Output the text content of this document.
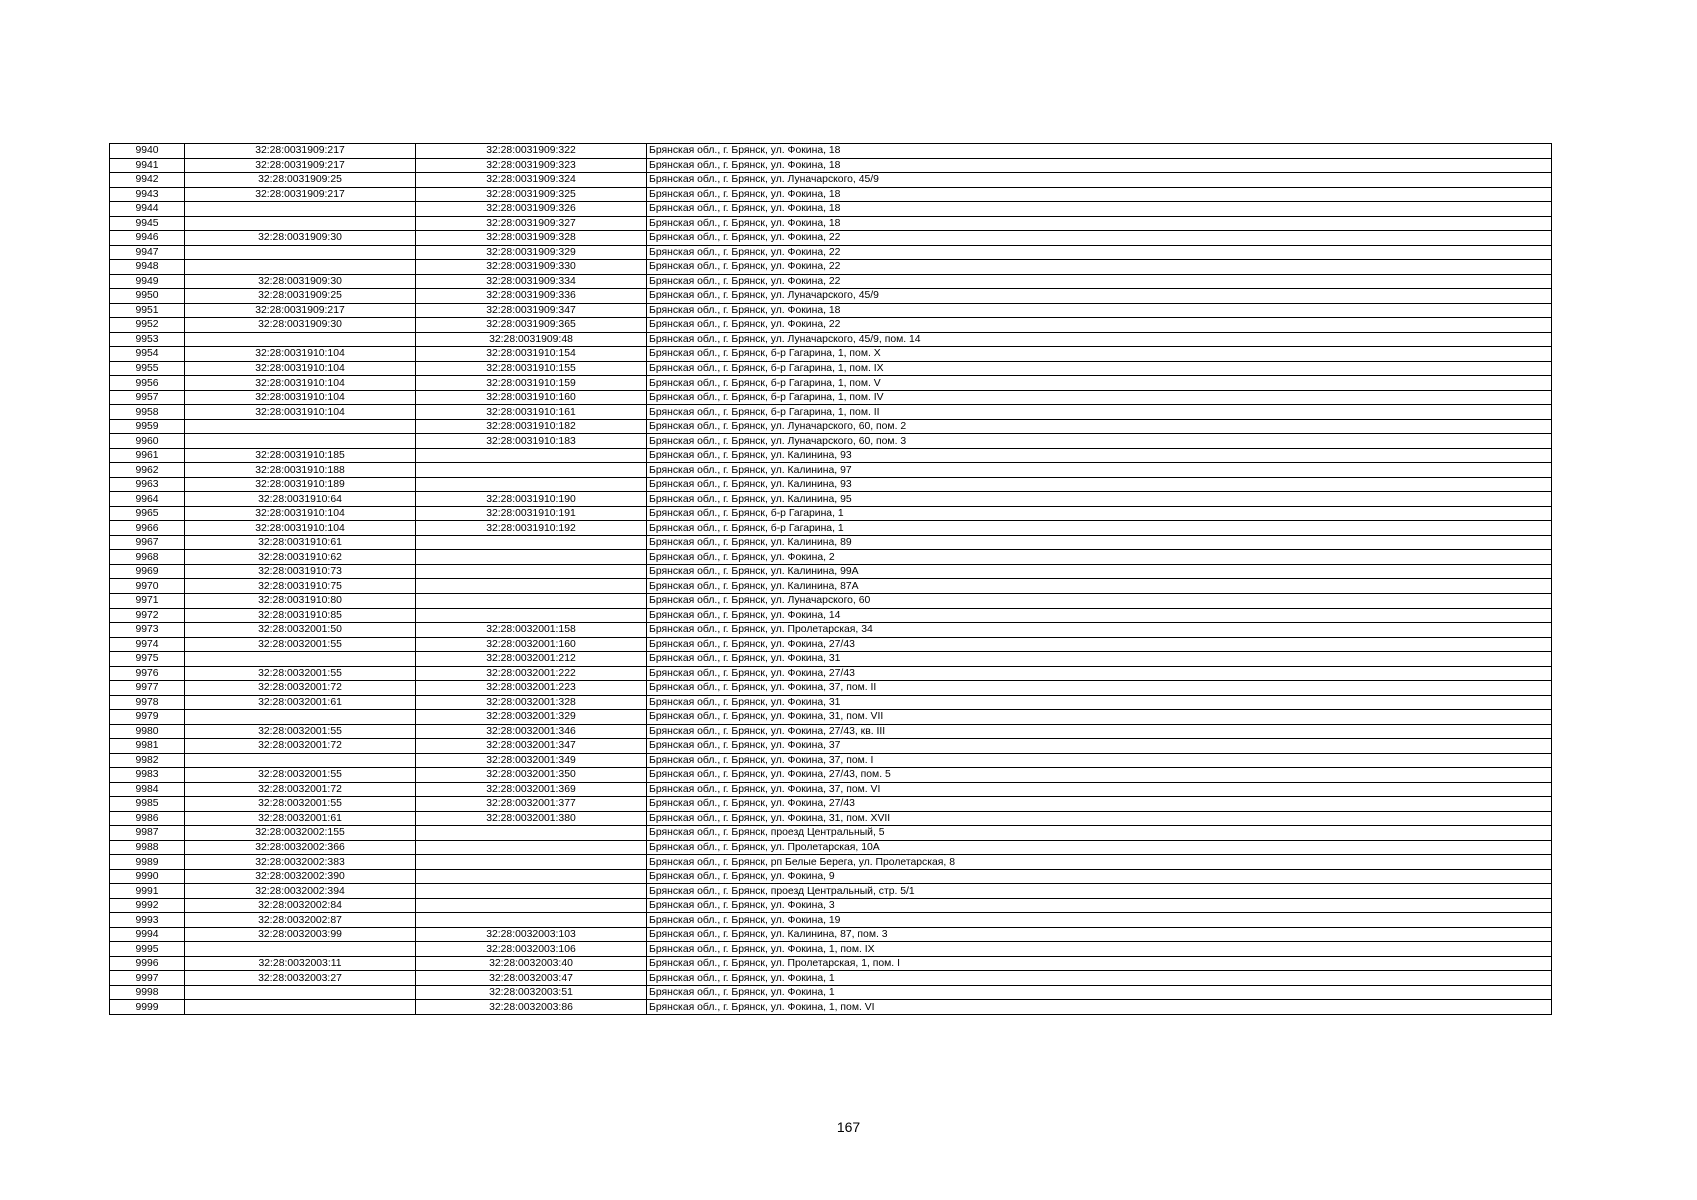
9940	32:28:0031909:217	32:28:0031909:322	Брянская обл., г. Брянск, ул. Фокина, 18
9941	32:28:0031909:217	32:28:0031909:323	Брянская обл., г. Брянск, ул. Фокина, 18
9942	32:28:0031909:25	32:28:0031909:324	Брянская обл., г. Брянск, ул. Луначарского, 45/9
9943	32:28:0031909:217	32:28:0031909:325	Брянская обл., г. Брянск, ул. Фокина, 18
9944		32:28:0031909:326	Брянская обл., г. Брянск, ул. Фокина, 18
9945		32:28:0031909:327	Брянская обл., г. Брянск, ул. Фокина, 18
9946	32:28:0031909:30	32:28:0031909:328	Брянская обл., г. Брянск, ул. Фокина, 22
9947		32:28:0031909:329	Брянская обл., г. Брянск, ул. Фокина, 22
9948		32:28:0031909:330	Брянская обл., г. Брянск, ул. Фокина, 22
9949	32:28:0031909:30	32:28:0031909:334	Брянская обл., г. Брянск, ул. Фокина, 22
9950	32:28:0031909:25	32:28:0031909:336	Брянская обл., г. Брянск, ул. Луначарского, 45/9
9951	32:28:0031909:217	32:28:0031909:347	Брянская обл., г. Брянск, ул. Фокина, 18
9952	32:28:0031909:30	32:28:0031909:365	Брянская обл., г. Брянск, ул. Фокина, 22
9953		32:28:0031909:48	Брянская обл., г. Брянск, ул. Луначарского, 45/9, пом. 14
9954	32:28:0031910:104	32:28:0031910:154	Брянская обл., г. Брянск, б-р Гагарина, 1, пом. X
9955	32:28:0031910:104	32:28:0031910:155	Брянская обл., г. Брянск, б-р Гагарина, 1, пом. IX
9956	32:28:0031910:104	32:28:0031910:159	Брянская обл., г. Брянск, б-р Гагарина, 1, пом. V
9957	32:28:0031910:104	32:28:0031910:160	Брянская обл., г. Брянск, б-р Гагарина, 1, пом. IV
9958	32:28:0031910:104	32:28:0031910:161	Брянская обл., г. Брянск, б-р Гагарина, 1, пом. II
9959		32:28:0031910:182	Брянская обл., г. Брянск, ул. Луначарского, 60, пом. 2
9960		32:28:0031910:183	Брянская обл., г. Брянск, ул. Луначарского, 60, пом. 3
9961	32:28:0031910:185		Брянская обл., г. Брянск, ул. Калинина, 93
9962	32:28:0031910:188		Брянская обл., г. Брянск, ул. Калинина, 97
9963	32:28:0031910:189		Брянская обл., г. Брянск, ул. Калинина, 93
9964	32:28:0031910:64	32:28:0031910:190	Брянская обл., г. Брянск, ул. Калинина, 95
9965	32:28:0031910:104	32:28:0031910:191	Брянская обл., г. Брянск, б-р Гагарина, 1
9966	32:28:0031910:104	32:28:0031910:192	Брянская обл., г. Брянск, б-р Гагарина, 1
9967	32:28:0031910:61		Брянская обл., г. Брянск, ул. Калинина, 89
9968	32:28:0031910:62		Брянская обл., г. Брянск, ул. Фокина, 2
9969	32:28:0031910:73		Брянская обл., г. Брянск, ул. Калинина, 99А
9970	32:28:0031910:75		Брянская обл., г. Брянск, ул. Калинина, 87А
9971	32:28:0031910:80		Брянская обл., г. Брянск, ул. Луначарского, 60
9972	32:28:0031910:85		Брянская обл., г. Брянск, ул. Фокина, 14
9973	32:28:0032001:50	32:28:0032001:158	Брянская обл., г. Брянск, ул. Пролетарская, 34
9974	32:28:0032001:55	32:28:0032001:160	Брянская обл., г. Брянск, ул. Фокина, 27/43
9975		32:28:0032001:212	Брянская обл., г. Брянск, ул. Фокина, 31
9976	32:28:0032001:55	32:28:0032001:222	Брянская обл., г. Брянск, ул. Фокина, 27/43
9977	32:28:0032001:72	32:28:0032001:223	Брянская обл., г. Брянск, ул. Фокина, 37, пом. II
9978	32:28:0032001:61	32:28:0032001:328	Брянская обл., г. Брянск, ул. Фокина, 31
9979		32:28:0032001:329	Брянская обл., г. Брянск, ул. Фокина, 31, пом. VII
9980	32:28:0032001:55	32:28:0032001:346	Брянская обл., г. Брянск, ул. Фокина, 27/43, кв. III
9981	32:28:0032001:72	32:28:0032001:347	Брянская обл., г. Брянск, ул. Фокина, 37
9982		32:28:0032001:349	Брянская обл., г. Брянск, ул. Фокина, 37, пом. I
9983	32:28:0032001:55	32:28:0032001:350	Брянская обл., г. Брянск, ул. Фокина, 27/43, пом. 5
9984	32:28:0032001:72	32:28:0032001:369	Брянская обл., г. Брянск, ул. Фокина, 37, пом. VI
9985	32:28:0032001:55	32:28:0032001:377	Брянская обл., г. Брянск, ул. Фокина, 27/43
9986	32:28:0032001:61	32:28:0032001:380	Брянская обл., г. Брянск, ул. Фокина, 31, пом. XVII
9987	32:28:0032002:155		Брянская обл., г. Брянск, проезд Центральный, 5
9988	32:28:0032002:366		Брянская обл., г. Брянск, ул. Пролетарская, 10А
9989	32:28:0032002:383		Брянская обл., г. Брянск, рп Белые Берега, ул. Пролетарская, 8
9990	32:28:0032002:390		Брянская обл., г. Брянск, ул. Фокина, 9
9991	32:28:0032002:394		Брянская обл., г. Брянск, проезд Центральный, стр. 5/1
9992	32:28:0032002:84		Брянская обл., г. Брянск, ул. Фокина, 3
9993	32:28:0032002:87		Брянская обл., г. Брянск, ул. Фокина, 19
9994	32:28:0032003:99	32:28:0032003:103	Брянская обл., г. Брянск, ул. Калинина, 87, пом. 3
9995		32:28:0032003:106	Брянская обл., г. Брянск, ул. Фокина, 1, пом. IX
9996	32:28:0032003:11	32:28:0032003:40	Брянская обл., г. Брянск, ул. Пролетарская, 1, пом. I
9997	32:28:0032003:27	32:28:0032003:47	Брянская обл., г. Брянск, ул. Фокина, 1
9998		32:28:0032003:51	Брянская обл., г. Брянск, ул. Фокина, 1
9999		32:28:0032003:86	Брянская обл., г. Брянск, ул. Фокина, 1, пом. VI
167
